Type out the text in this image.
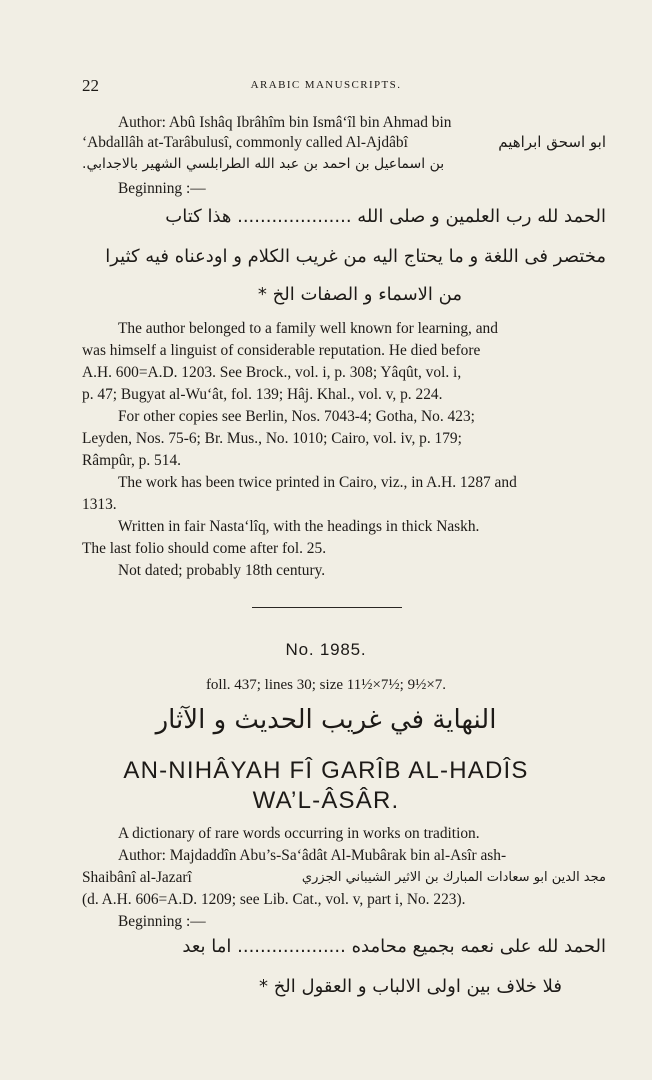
22	ARABIC MANUSCRIPTS.
Author: Abû Ishâq Ibrâhîm bin Ismâ‘îl bin Ahmad bin
‘Abdallâh at-Tarâbulusî, commonly called Al-Ajdâbî	ابو اسحق ابراهيم
بن اسماعيل بن احمد بن عبد الله الطرابلسي الشهير بالاجدابي.
Beginning :—
الحمد لله رب العلمين و صلى الله .................... هذا كتاب
مختصر فى اللغة و ما يحتاج اليه من غريب الكلام و اودعناه فيه كثيرا
من الاسماء و الصفات الخ *
The author belonged to a family well known for learning, and
was himself a linguist of considerable reputation. He died before
A.H. 600=A.D. 1203. See Brock., vol. i, p. 308; Yâqût, vol. i,
p. 47; Bugyat al-Wu‘ât, fol. 139; Hâj. Khal., vol. v, p. 224.
For other copies see Berlin, Nos. 7043-4; Gotha, No. 423;
Leyden, Nos. 75-6; Br. Mus., No. 1010; Cairo, vol. iv, p. 179;
Râmpûr, p. 514.
The work has been twice printed in Cairo, viz., in A.H. 1287 and
1313.
Written in fair Nasta‘lîq, with the headings in thick Naskh.
The last folio should come after fol. 25.
Not dated; probably 18th century.
No. 1985.
foll. 437; lines 30; size 11½×7½; 9½×7.
النهاية في غريب الحديث و الآثار
AN-NIHÂYAH FÎ GARÎB AL-HADÎS
WA’L-ÂSÂR.
A dictionary of rare words occurring in works on tradition.
Author: Majdaddîn Abu’s-Sa‘âdât Al-Mubârak bin al-Asîr ash-
Shaibânî al-Jazarî	مجد الدين ابو سعادات المبارك بن الاثير الشيباني الجزري
(d. A.H. 606=A.D. 1209; see Lib. Cat., vol. v, part i, No. 223).
Beginning :—
الحمد لله على نعمه بجميع محامده ................... اما بعد
فلا خلاف بين اولى الالباب و العقول الخ *
